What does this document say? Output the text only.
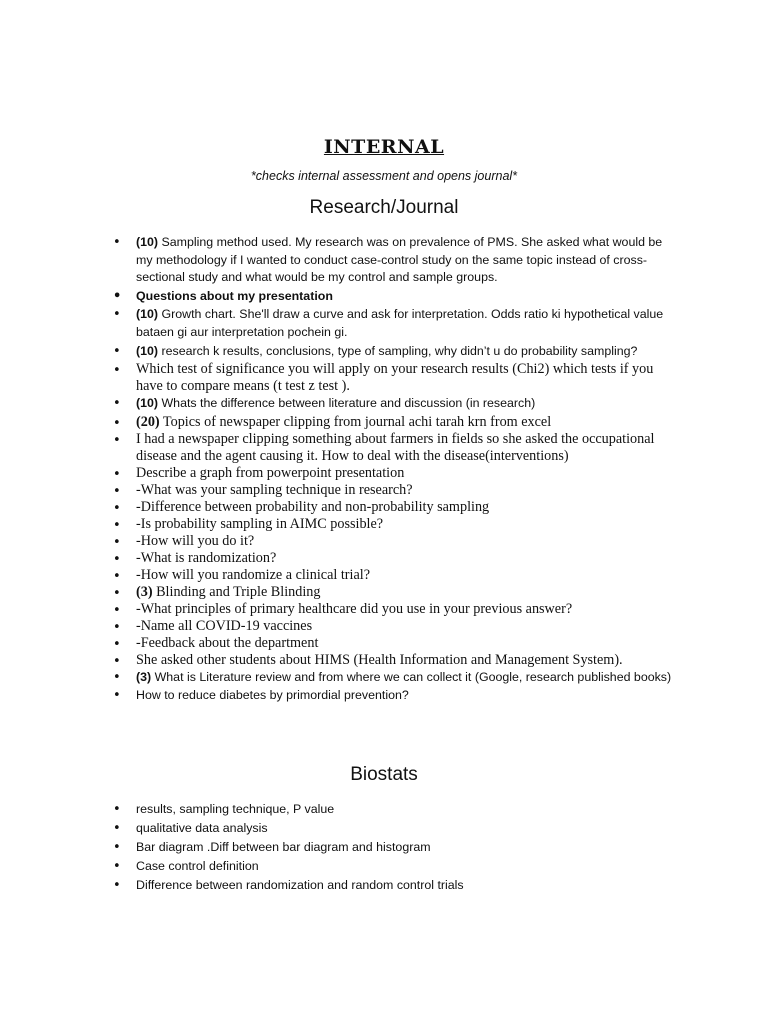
INTERNAL
*checks internal assessment and opens journal*
Research/Journal
• (10) Sampling method used. My research was on prevalence of PMS. She asked what would be my methodology if I wanted to conduct case-control study on the same topic instead of cross-sectional study and what would be my control and sample groups.
• Questions about my presentation
• (10) Growth chart. She'll draw a curve and ask for interpretation. Odds ratio ki hypothetical value bataen gi aur interpretation pochein gi.
• (10) research k results, conclusions, type of sampling, why didn’t u do probability sampling?
• Which test of significance you will apply on your research results (Chi2) which tests if you have to compare means (t test z test ).
• (10) Whats the difference between literature and discussion (in research)
• (20) Topics of newspaper clipping from journal achi tarah krn from excel
• I had a newspaper clipping something about farmers in fields so she asked the occupational disease and the agent causing it. How to deal with the disease(interventions)
• Describe a graph from powerpoint presentation
• -What was your sampling technique in research?
• -Difference between probability and non-probability sampling
• -Is probability sampling in AIMC possible?
• -How will you do it?
• -What is randomization?
• -How will you randomize a clinical trial?
• (3) Blinding and Triple Blinding
• -What principles of primary healthcare did you use in your previous answer?
• -Name all COVID-19 vaccines
• -Feedback about the department
• She asked other students about HIMS (Health Information and Management System).
• (3) What is Literature review and from where we can collect it (Google, research published books)
• How to reduce diabetes by primordial prevention?
Biostats
• results, sampling technique, P value
• qualitative data analysis
• Bar diagram .Diff between bar diagram and histogram
• Case control definition
• Difference between randomization and random control trials
